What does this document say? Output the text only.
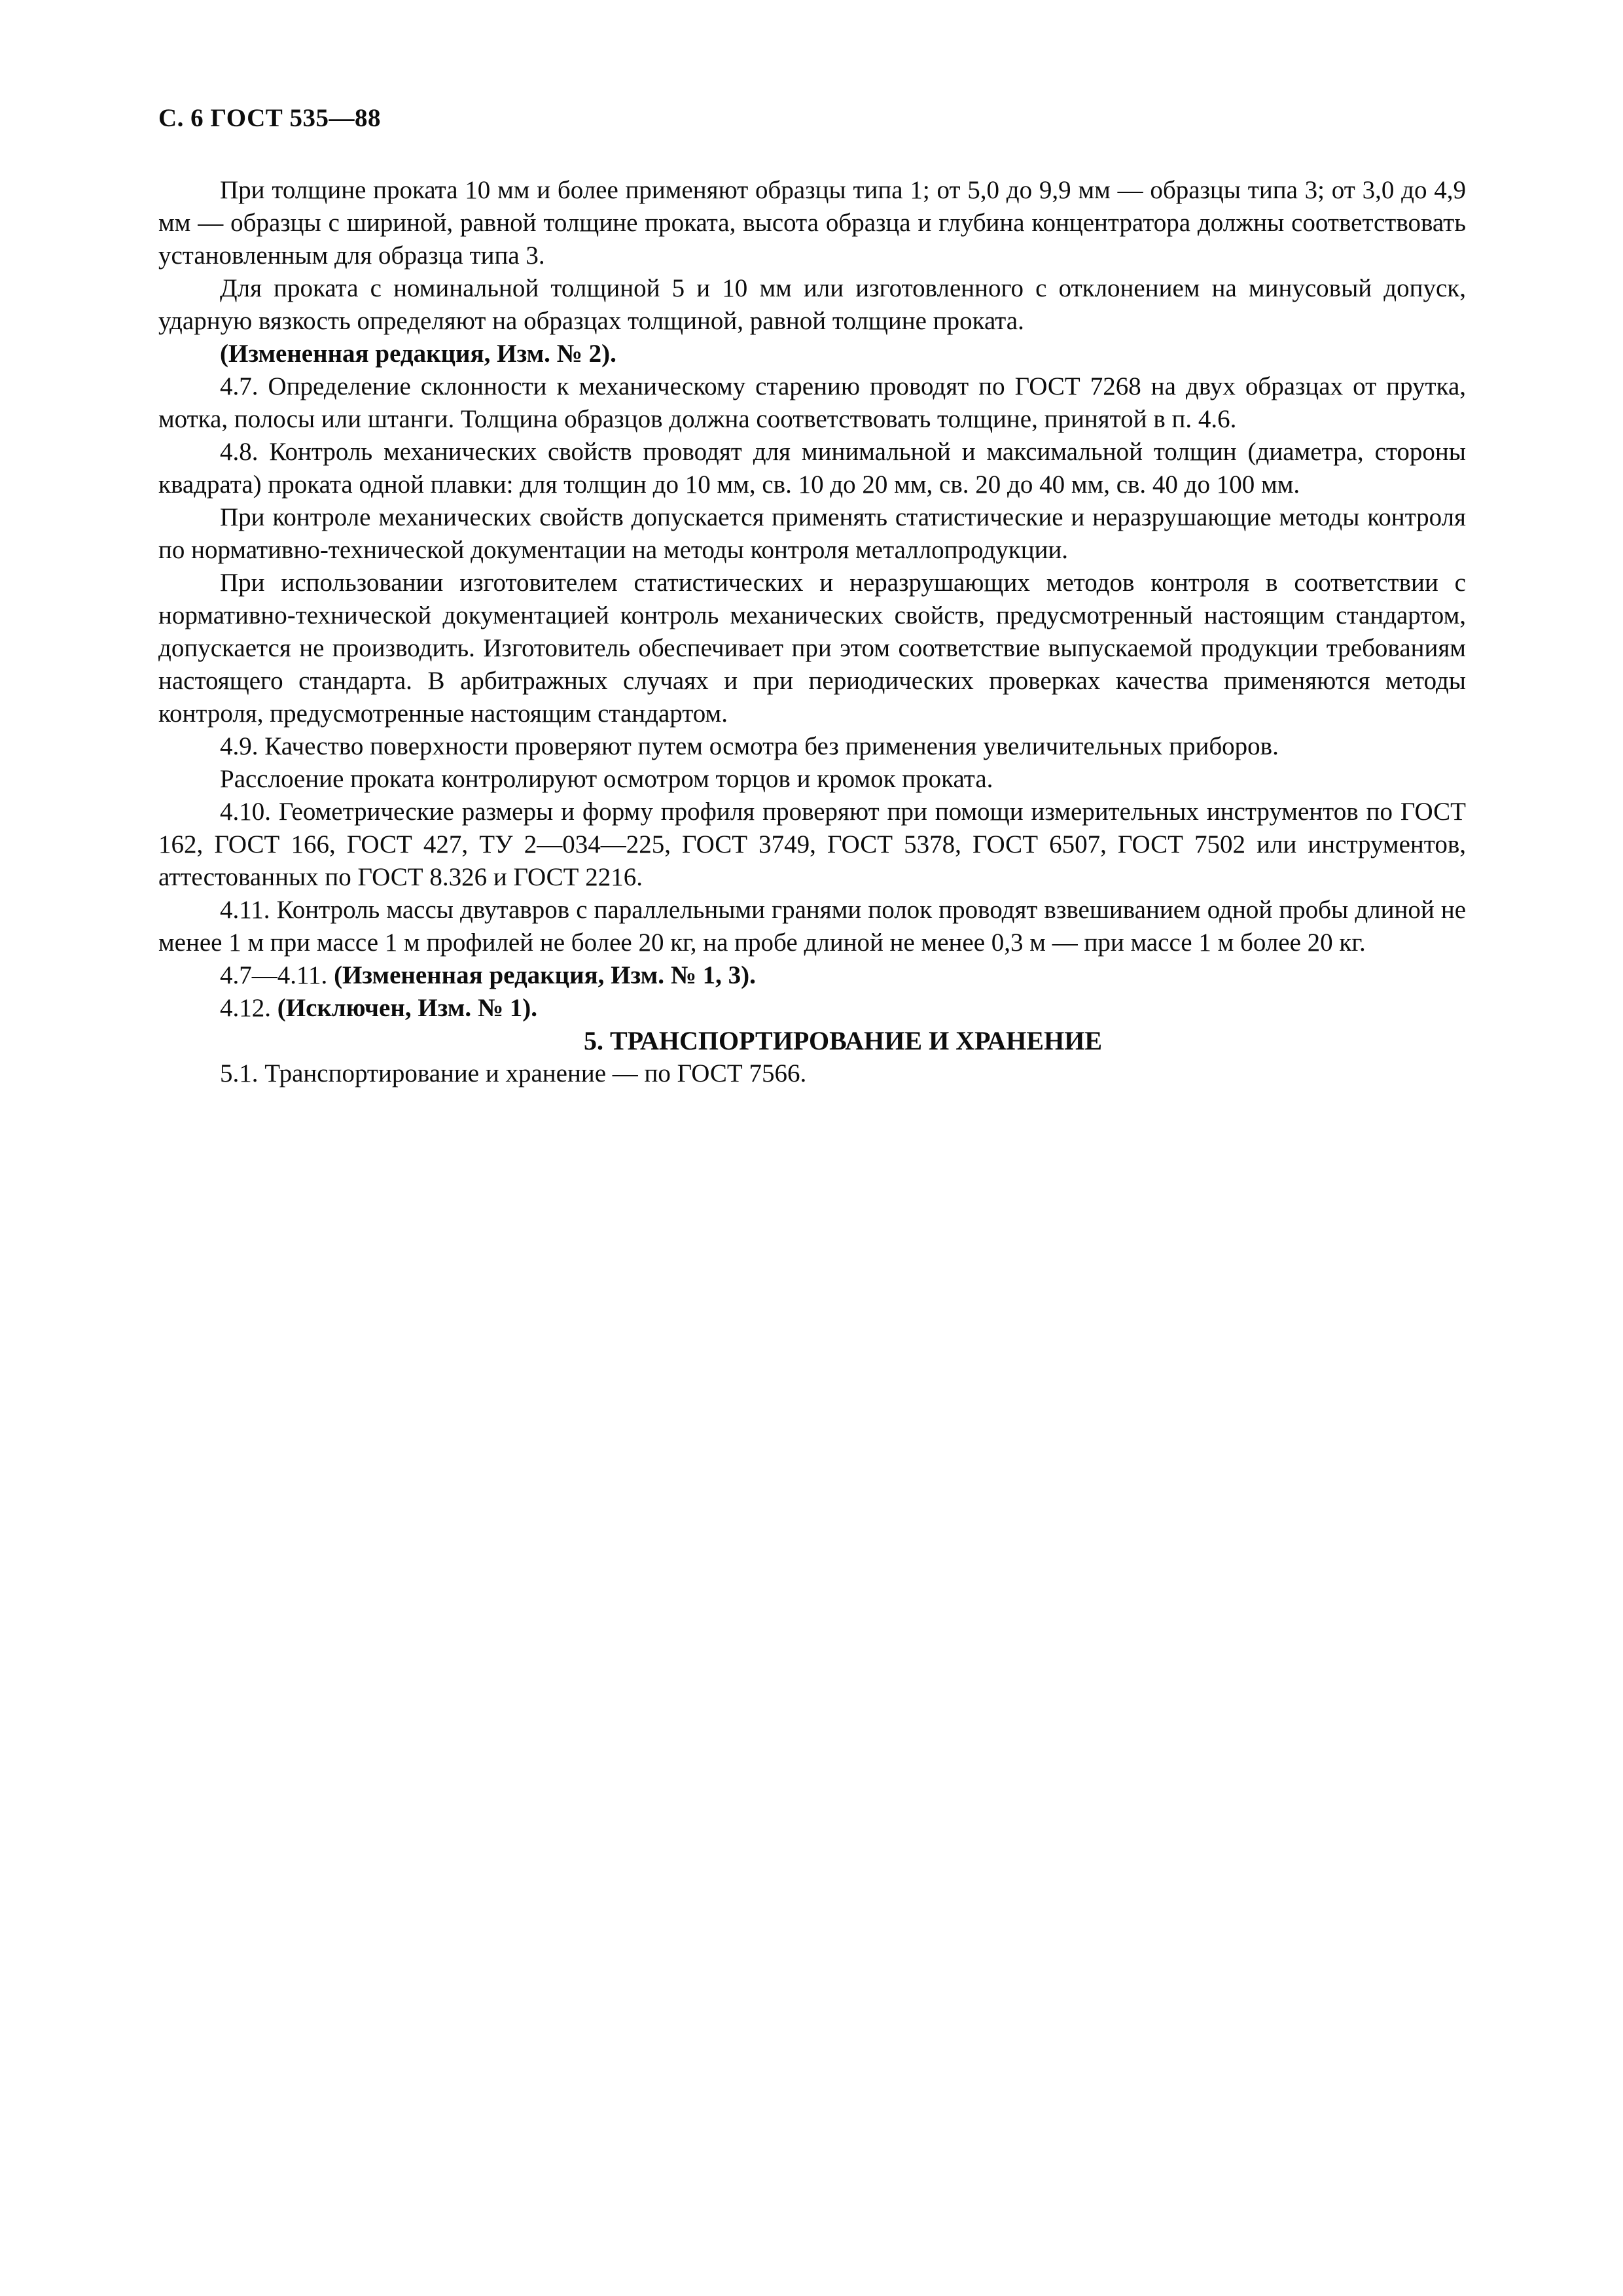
С. 6 ГОСТ 535—88

При толщине проката 10 мм и более применяют образцы типа 1; от 5,0 до 9,9 мм — образцы типа 3; от 3,0 до 4,9 мм — образцы с шириной, равной толщине проката, высота образца и глубина концентратора должны соответствовать установленным для образца типа 3.

Для проката с номинальной толщиной 5 и 10 мм или изготовленного с отклонением на минусовый допуск, ударную вязкость определяют на образцах толщиной, равной толщине проката.

(Измененная редакция, Изм. № 2).

4.7. Определение склонности к механическому старению проводят по ГОСТ 7268 на двух образцах от прутка, мотка, полосы или штанги. Толщина образцов должна соответствовать толщине, принятой в п. 4.6.

4.8. Контроль механических свойств проводят для минимальной и максимальной толщин (диаметра, стороны квадрата) проката одной плавки: для толщин до 10 мм, св. 10 до 20 мм, св. 20 до 40 мм, св. 40 до 100 мм.

При контроле механических свойств допускается применять статистические и неразрушающие методы контроля по нормативно-технической документации на методы контроля металлопродукции.

При использовании изготовителем статистических и неразрушающих методов контроля в соответствии с нормативно-технической документацией контроль механических свойств, предусмотренный настоящим стандартом, допускается не производить. Изготовитель обеспечивает при этом соответствие выпускаемой продукции требованиям настоящего стандарта. В арбитражных случаях и при периодических проверках качества применяются методы контроля, предусмотренные настоящим стандартом.

4.9. Качество поверхности проверяют путем осмотра без применения увеличительных приборов.

Расслоение проката контролируют осмотром торцов и кромок проката.

4.10. Геометрические размеры и форму профиля проверяют при помощи измерительных инструментов по ГОСТ 162, ГОСТ 166, ГОСТ 427, ТУ 2—034—225, ГОСТ 3749, ГОСТ 5378, ГОСТ 6507, ГОСТ 7502 или инструментов, аттестованных по ГОСТ 8.326 и ГОСТ 2216.

4.11. Контроль массы двутавров с параллельными гранями полок проводят взвешиванием одной пробы длиной не менее 1 м при массе 1 м профилей не более 20 кг, на пробе длиной не менее 0,3 м — при массе 1 м более 20 кг.

4.7—4.11. (Измененная редакция, Изм. № 1, 3).

4.12. (Исключен, Изм. № 1).

5. ТРАНСПОРТИРОВАНИЕ И ХРАНЕНИЕ

5.1. Транспортирование и хранение — по ГОСТ 7566.
